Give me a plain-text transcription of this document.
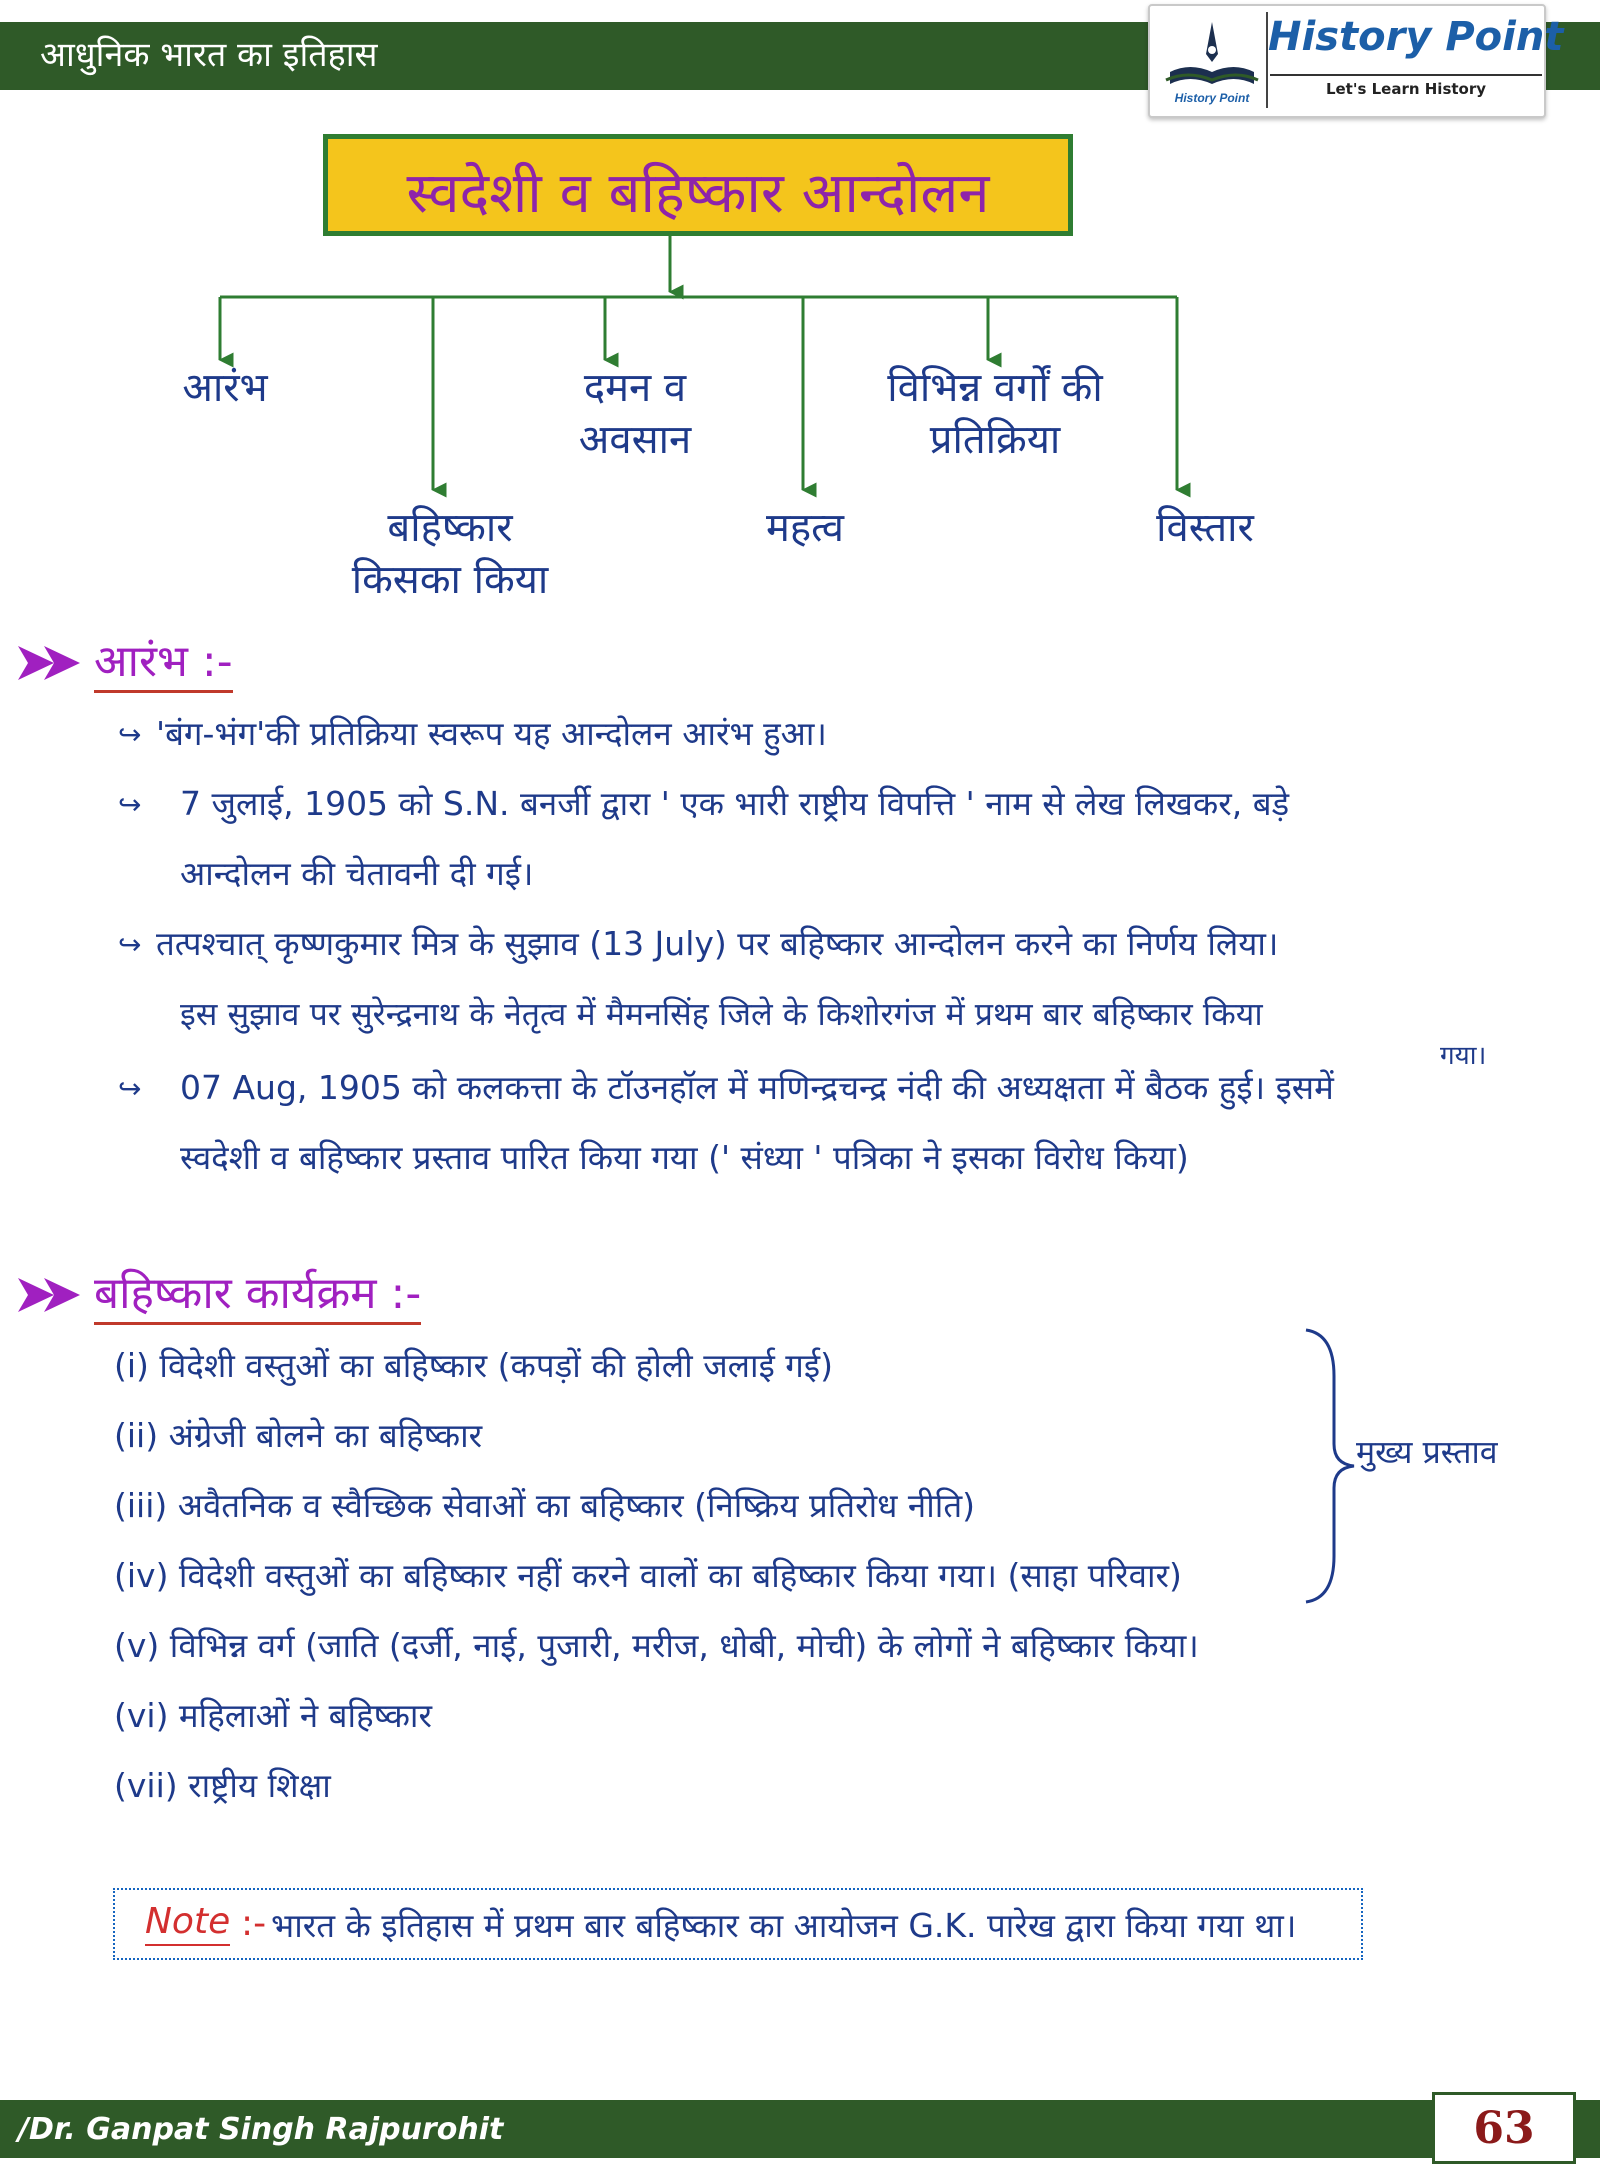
आधुनिक भारत का इतिहास
History Point
History Point
Let's Learn History
स्वदेशी व बहिष्कार आन्दोलन
आरंभ
बहिष्कार किसका किया
दमन व अवसान
महत्व
विभिन्न वर्गों की प्रतिक्रिया
विस्तार
आरंभ :-
↪ 'बंग-भंग'की प्रतिक्रिया स्वरूप यह आन्दोलन आरंभ हुआ।
↪ 7 जुलाई, 1905 को S.N. बनर्जी द्वारा ' एक भारी राष्ट्रीय विपत्ति ' नाम से लेख लिखकर, बड़े
आन्दोलन की चेतावनी दी गई।
↪ तत्पश्चात् कृष्णकुमार मित्र के सुझाव (13 July) पर बहिष्कार आन्दोलन करने का निर्णय लिया।
इस सुझाव पर सुरेन्द्रनाथ के नेतृत्व में मैमनसिंह जिले के किशोरगंज में प्रथम बार बहिष्कार किया
गया।
↪ 07 Aug, 1905 को कलकत्ता के टॉउनहॉल में मणिन्द्रचन्द्र नंदी की अध्यक्षता में बैठक हुई। इसमें
स्वदेशी व बहिष्कार प्रस्ताव पारित किया गया (' संध्या ' पत्रिका ने इसका विरोध किया)
बहिष्कार कार्यक्रम :-
(i) विदेशी वस्तुओं का बहिष्कार (कपड़ों की होली जलाई गई)
(ii) अंग्रेजी बोलने का बहिष्कार
(iii) अवैतनिक व स्वैच्छिक सेवाओं का बहिष्कार (निष्क्रिय प्रतिरोध नीति)
(iv) विदेशी वस्तुओं का बहिष्कार नहीं करने वालों का बहिष्कार किया गया। (साहा परिवार)
(v) विभिन्न वर्ग (जाति (दर्जी, नाई, पुजारी, मरीज, धोबी, मोची) के लोगों ने बहिष्कार किया।
(vi) महिलाओं ने बहिष्कार
(vii) राष्ट्रीय शिक्षा
मुख्य प्रस्ताव
Note :- भारत के इतिहास में प्रथम बार बहिष्कार का आयोजन G.K. पारेख द्वारा किया गया था।
/Dr. Ganpat Singh Rajpurohit	63
